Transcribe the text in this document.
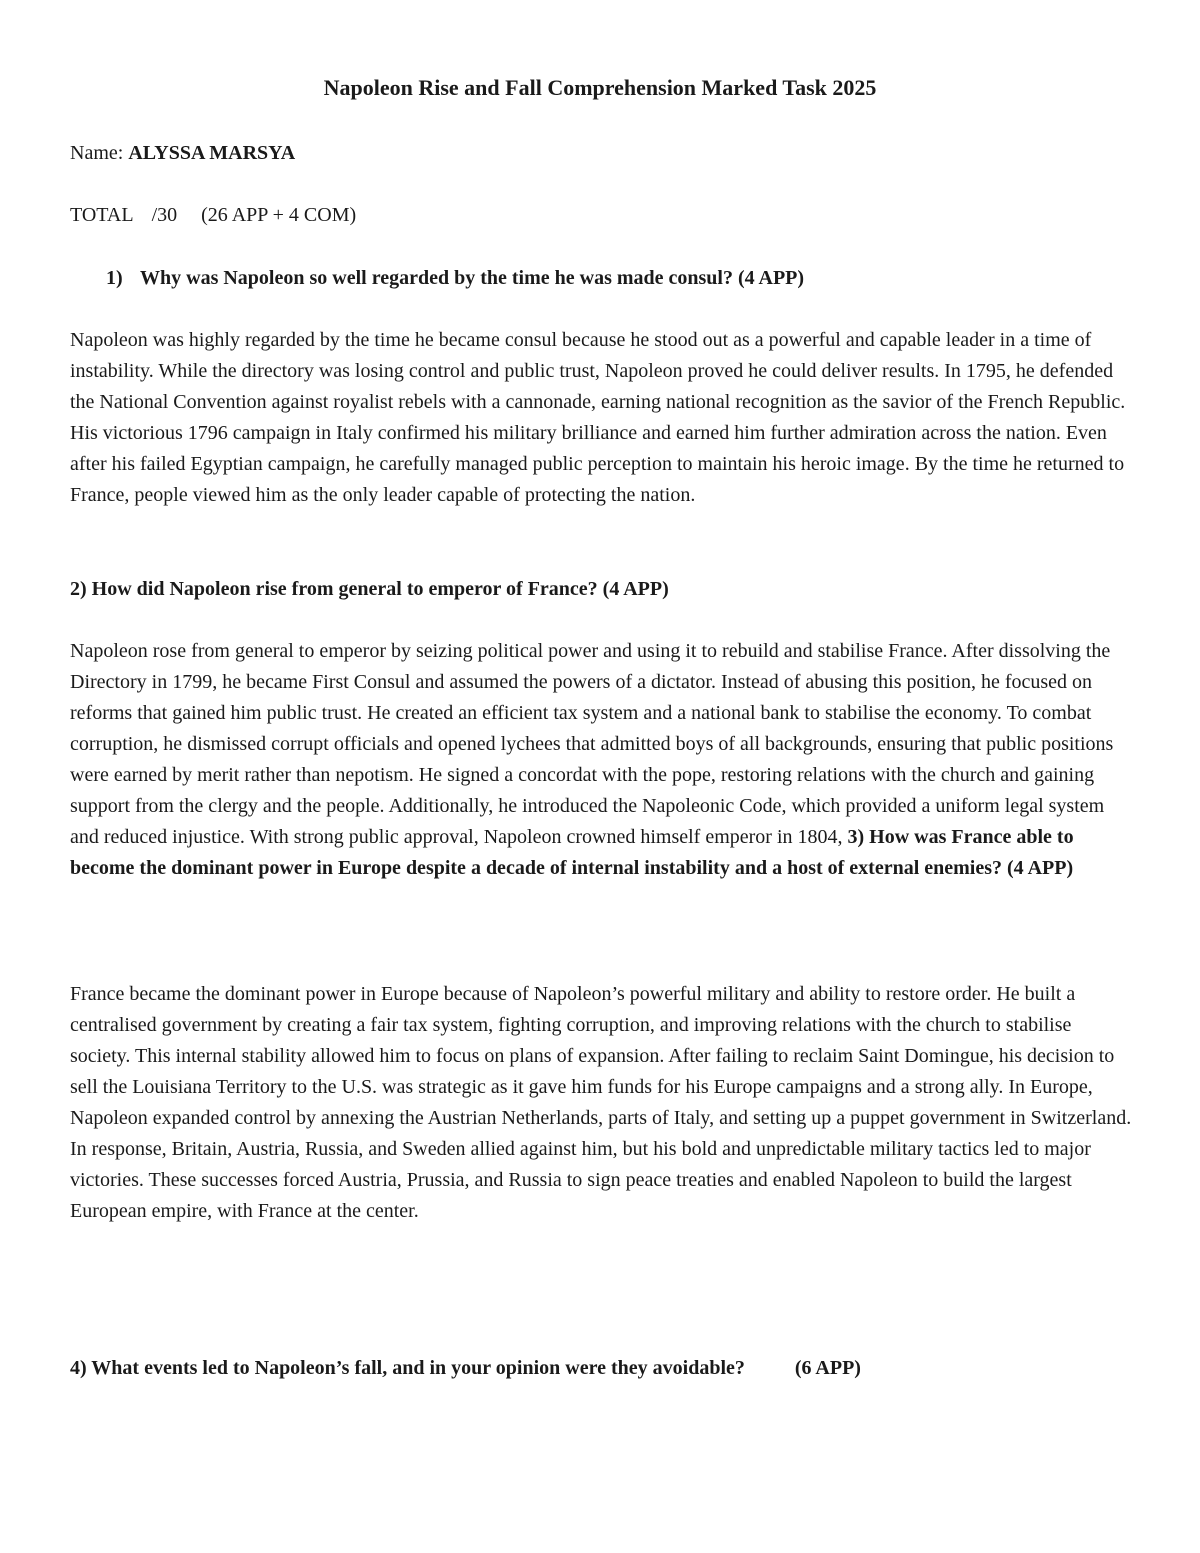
Napoleon Rise and Fall Comprehension Marked Task 2025

Name: ALYSSA MARSYA

TOTAL /30 (26 APP + 4 COM)

1) Why was Napoleon so well regarded by the time he was made consul? (4 APP)

Napoleon was highly regarded by the time he became consul because he stood out as a powerful and capable leader in a time of instability. While the directory was losing control and public trust, Napoleon proved he could deliver results. In 1795, he defended the National Convention against royalist rebels with a cannonade, earning national recognition as the savior of the French Republic. His victorious 1796 campaign in Italy confirmed his military brilliance and earned him further admiration across the nation. Even after his failed Egyptian campaign, he carefully managed public perception to maintain his heroic image. By the time he returned to France, people viewed him as the only leader capable of protecting the nation.

2) How did Napoleon rise from general to emperor of France? (4 APP)

Napoleon rose from general to emperor by seizing political power and using it to rebuild and stabilise France. After dissolving the Directory in 1799, he became First Consul and assumed the powers of a dictator. Instead of abusing this position, he focused on reforms that gained him public trust. He created an efficient tax system and a national bank to stabilise the economy. To combat corruption, he dismissed corrupt officials and opened lychees that admitted boys of all backgrounds, ensuring that public positions were earned by merit rather than nepotism. He signed a concordat with the pope, restoring relations with the church and gaining support from the clergy and the people. Additionally, he introduced the Napoleonic Code, which provided a uniform legal system and reduced injustice. With strong public approval, Napoleon crowned himself emperor in 1804, 3) How was France able to become the dominant power in Europe despite a decade of internal instability and a host of external enemies? (4 APP)

France became the dominant power in Europe because of Napoleon’s powerful military and ability to restore order. He built a centralised government by creating a fair tax system, fighting corruption, and improving relations with the church to stabilise society. This internal stability allowed him to focus on plans of expansion. After failing to reclaim Saint Domingue, his decision to sell the Louisiana Territory to the U.S. was strategic as it gave him funds for his Europe campaigns and a strong ally. In Europe, Napoleon expanded control by annexing the Austrian Netherlands, parts of Italy, and setting up a puppet government in Switzerland. In response, Britain, Austria, Russia, and Sweden allied against him, but his bold and unpredictable military tactics led to major victories. These successes forced Austria, Prussia, and Russia to sign peace treaties and enabled Napoleon to build the largest European empire, with France at the center.

4) What events led to Napoleon’s fall, and in your opinion were they avoidable?	(6 APP)
